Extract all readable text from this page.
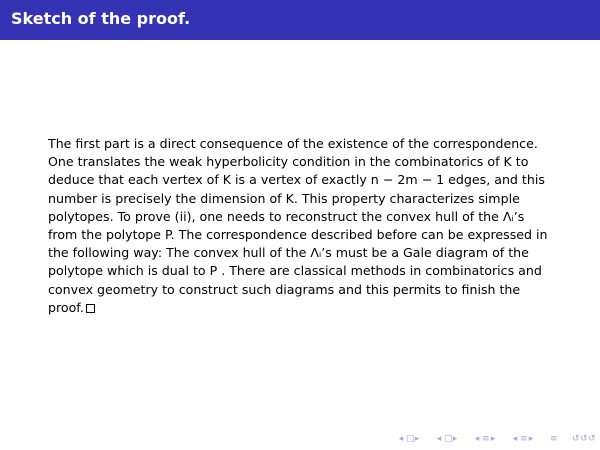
Sketch of the proof.
The first part is a direct consequence of the existence of the correspondence.
One translates the weak hyperbolicity condition in the combinatorics of K to
deduce that each vertex of K is a vertex of exactly n − 2m − 1 edges, and this
number is precisely the dimension of K. This property characterizes simple
polytopes. To prove (ii), one needs to reconstruct the convex hull of the Λᵢ’s
from the polytope P. The correspondence described before can be expressed in
the following way: The convex hull of the Λᵢ’s must be a Gale diagram of the
polytope which is dual to P . There are classical methods in combinatorics and
convex geometry to construct such diagrams and this permits to finish the
proof.
◂ □ ▸ ◂ □ ▸ ◂ ≡ ▸ ◂ ≡ ▸ ≡ ↺ ↺ ↺
